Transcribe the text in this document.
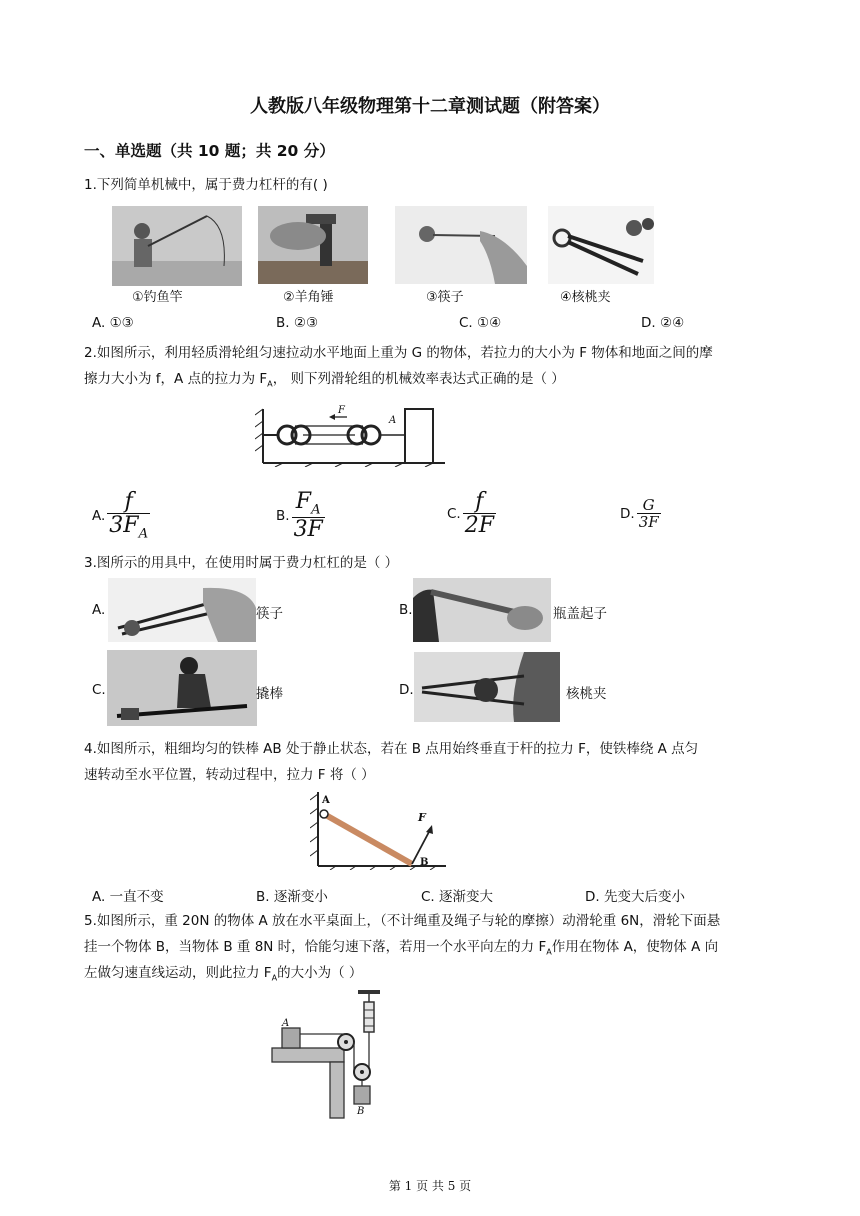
人教版八年级物理第十二章测试题（附答案）
一、单选题（共 10 题；共 20 分）
1.下列简单机械中，属于费力杠杆的有( )
①钓鱼竿	②羊角锤	③筷子	④核桃夹
A. ①③	B. ②③	C. ①④	D. ②④
2.如图所示，利用轻质滑轮组匀速拉动水平地面上重为 G 的物体，若拉力的大小为 F 物体和地面之间的摩
擦力大小为 f，A 点的拉力为 $F_A$， 则下列滑轮组的机械效率表达式正确的是（ ）
F
A
A. $\frac{f}{3F_A}$	B. $\frac{F_A}{3F}$	C. $\frac{f}{2F}$	D. $\frac{G}{3F}$
3.图所示的用具中，在使用时属于费力杠杠的是（ ）
A.	筷子	B.	瓶盖起子
C.	撬棒	D.	核桃夹
4.如图所示，粗细均匀的铁棒 AB 处于静止状态，若在 B 点用始终垂直于杆的拉力 F，使铁棒绕 A 点匀
速转动至水平位置，转动过程中，拉力 F 将（ ）
A
B
F
A. 一直不变	B. 逐渐变小	C. 逐渐变大	D. 先变大后变小
5.如图所示，重 20N 的物体 A 放在水平桌面上，（不计绳重及绳子与轮的摩擦）动滑轮重 6N，滑轮下面悬
挂一个物体 B，当物体 B 重 8N 时，恰能匀速下落，若用一个水平向左的力 $F_A$作用在物体 A，使物体 A 向
左做匀速直线运动，则此拉力 $F_A$的大小为（ ）
A
B
第 1 页 共 5 页
